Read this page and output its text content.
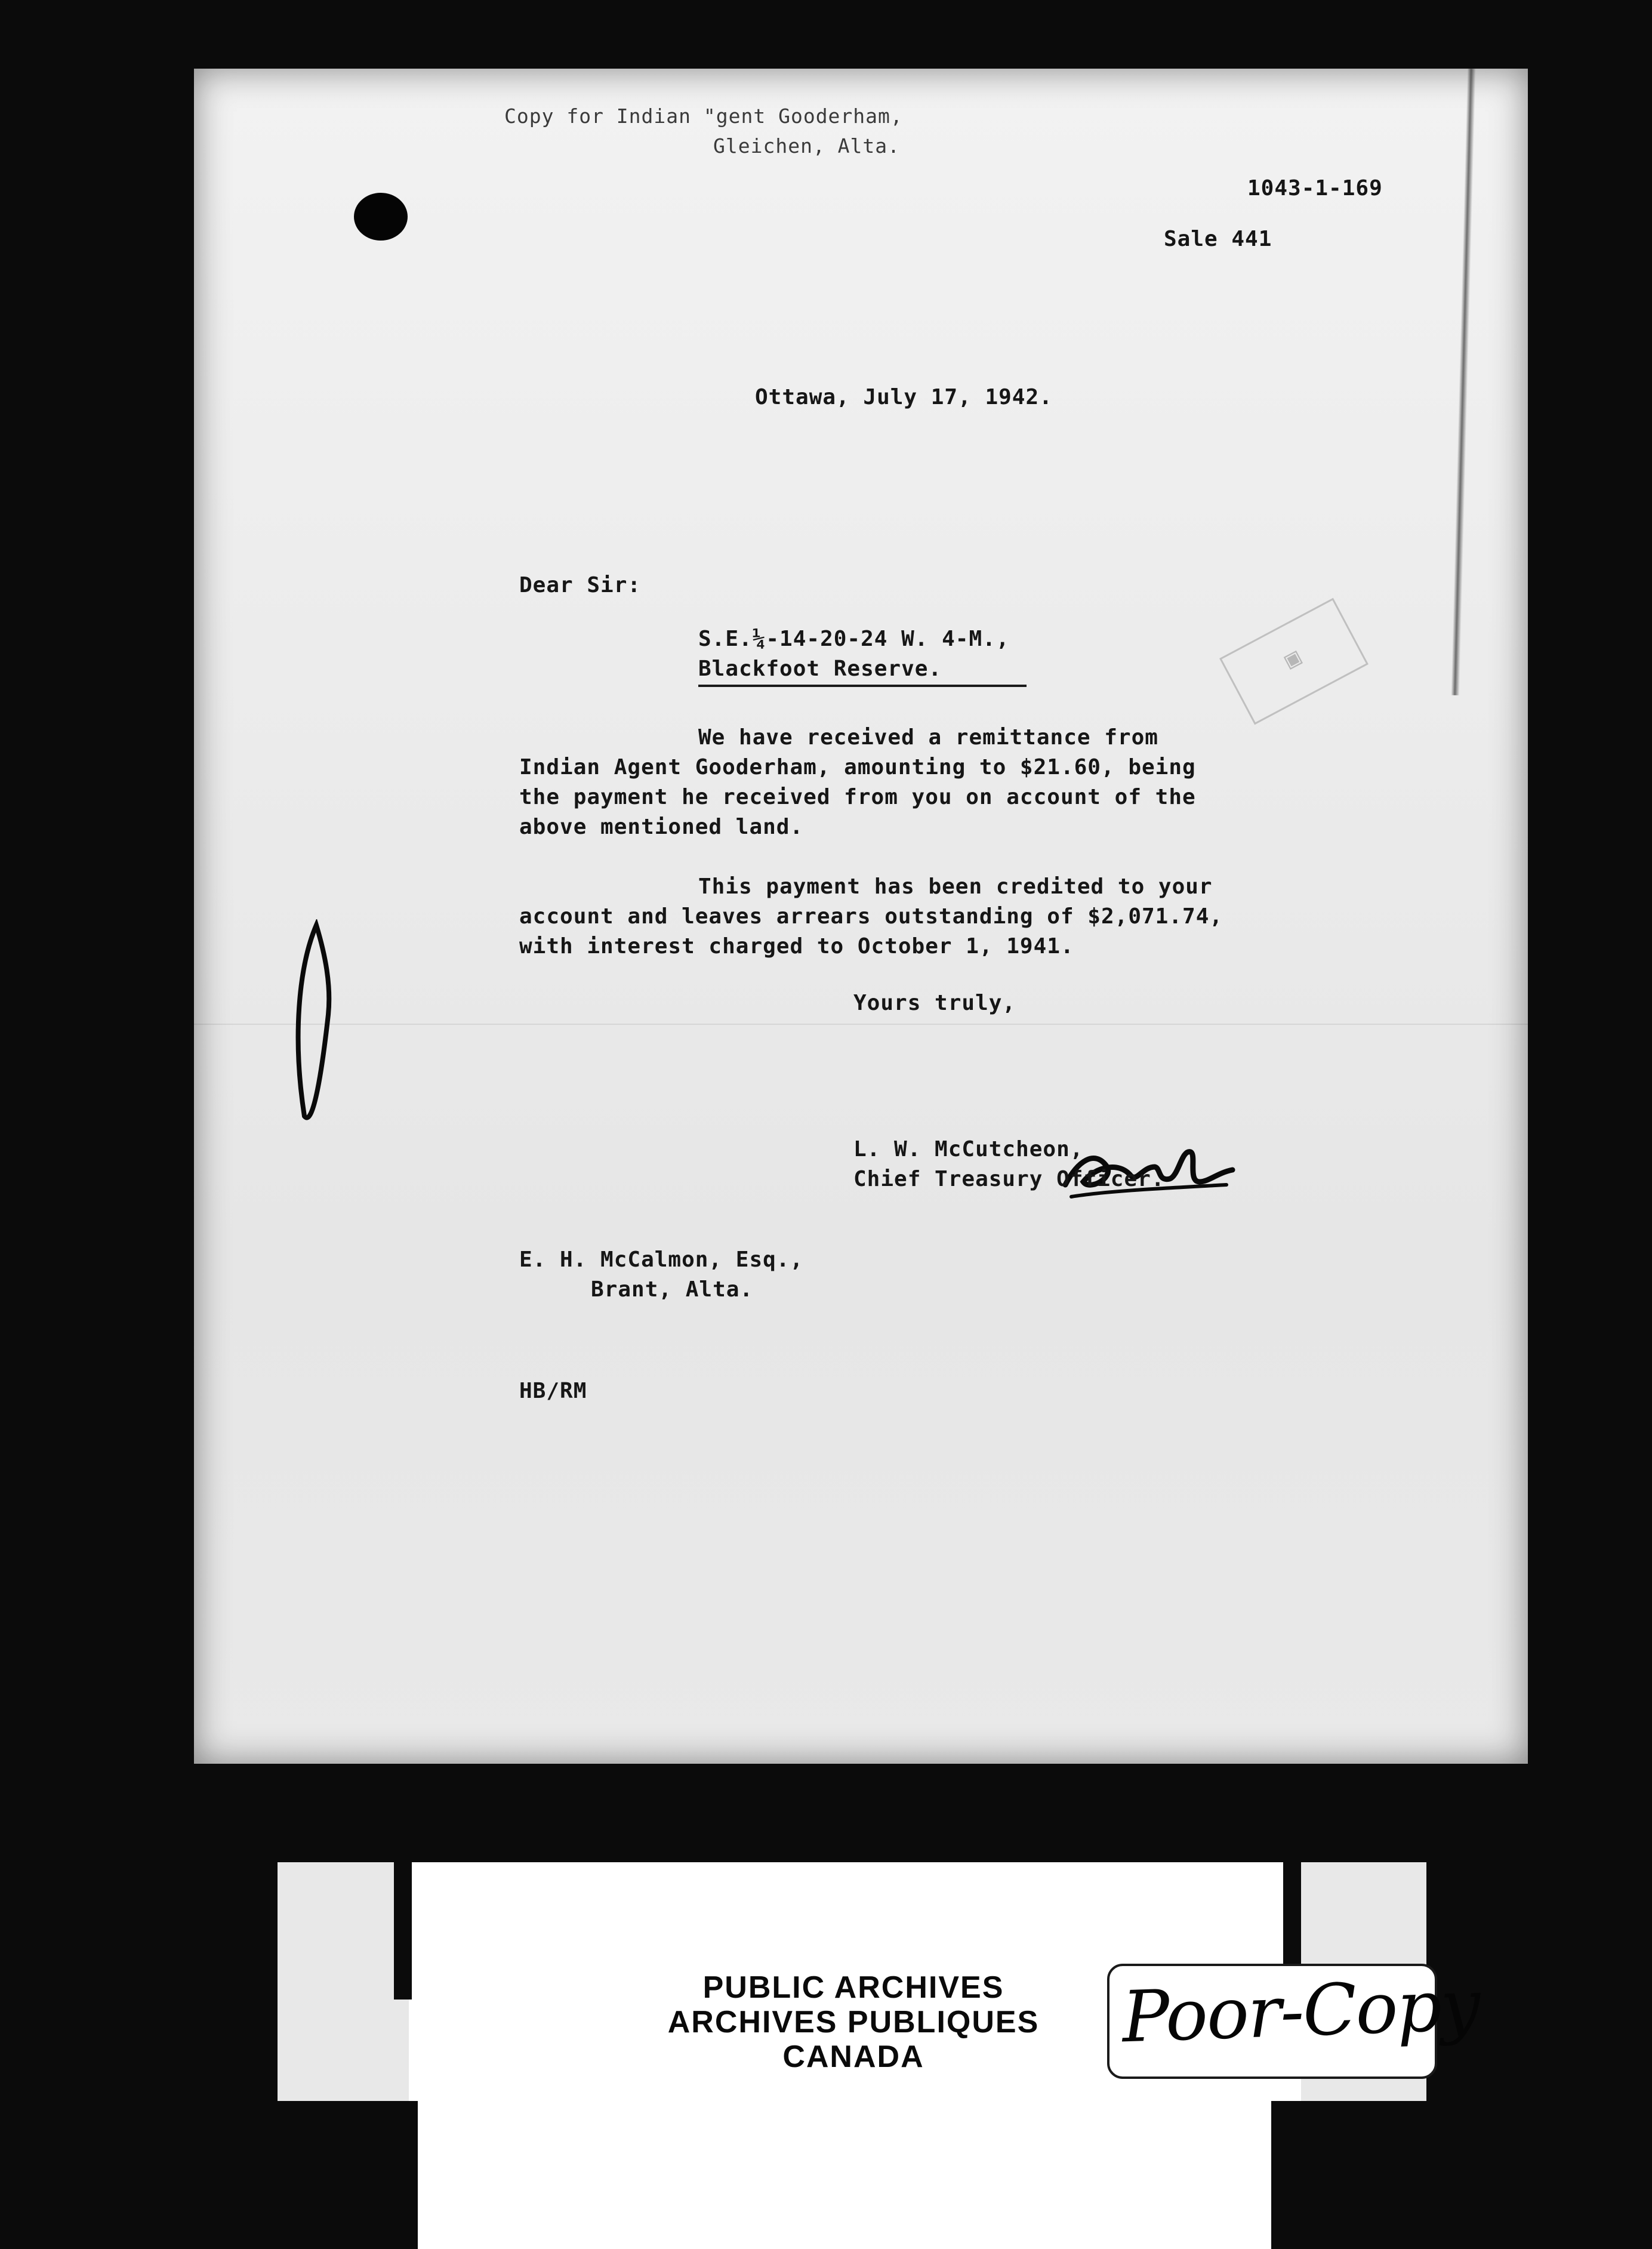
Copy for Indian "gent Gooderham,
Gleichen, Alta.
1043-1-169
Sale 441
Ottawa, July 17, 1942.
Dear Sir:
S.E.¼-14-20-24 W. 4-M.,
Blackfoot Reserve.	▣
We have received a remittance from
Indian Agent Gooderham, amounting to $21.60, being
the payment he received from you on account of the
above mentioned land.
This payment has been credited to your
account and leaves arrears outstanding of $2,071.74,
with interest charged to October 1, 1941.
Yours truly,
L. W. McCutcheon,
Chief Treasury Officer.
E. H. McCalmon, Esq.,
Brant, Alta.
HB/RM
PUBLIC ARCHIVES
ARCHIVES PUBLIQUES
CANADA	Poor-Copy
